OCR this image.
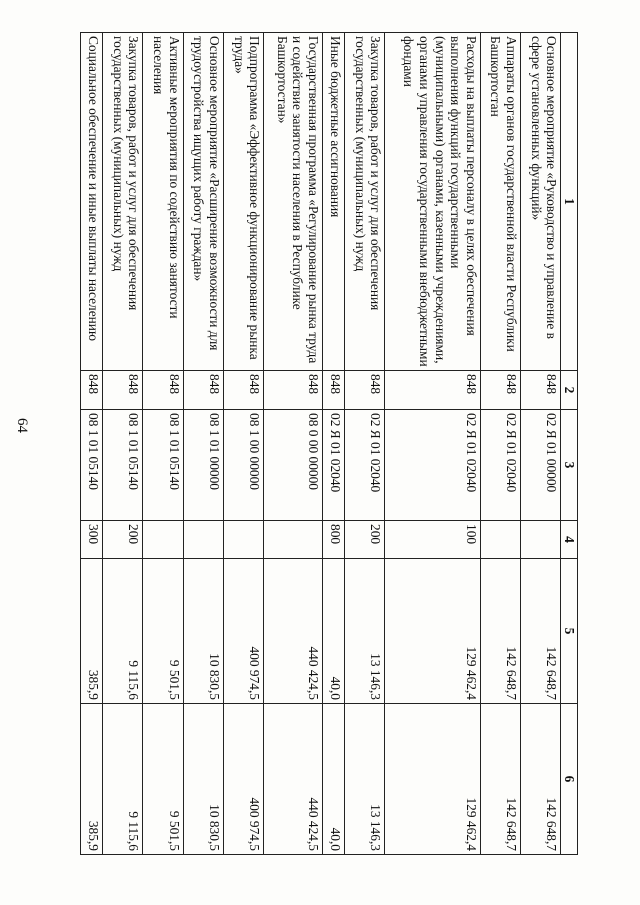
64
1	2	3	4	5	6
Основное мероприятие «Руководство и управление в сфере установленных функций»	848	02 Я 01 00000		142 648,7	142 648,7
Аппараты органов государственной власти Республики Башкортостан	848	02 Я 01 02040		142 648,7	142 648,7
Расходы на выплаты персоналу в целях обеспечения выполнения функций государственными (муниципальными) органами, казенными учреждениями, органами управления государственными внебюджетными фондами	848	02 Я 01 02040	100	129 462,4	129 462,4
Закупка товаров, работ и услуг для обеспечения государственных (муниципальных) нужд	848	02 Я 01 02040	200	13 146,3	13 146,3
Иные бюджетные ассигнования	848	02 Я 01 02040	800	40,0	40,0
Государственная программа «Регулирование рынка труда и содействие занятости населения в Республике Башкортостан»	848	08 0 00 00000		440 424,5	440 424,5
Подпрограмма «Эффективное функционирование рынка труда»	848	08 1 00 00000		400 974,5	400 974,5
Основное мероприятие «Расширение возможности для трудоустройства ищущих работу граждан»	848	08 1 01 00000		10 830,5	10 830,5
Активные мероприятия по содействию занятости населения	848	08 1 01 05140		9 501,5	9 501,5
Закупка товаров, работ и услуг для обеспечения государственных (муниципальных) нужд	848	08 1 01 05140	200	9 115,6	9 115,6
Социальное обеспечение и иные выплаты населению	848	08 1 01 05140	300	385,9	385,9
